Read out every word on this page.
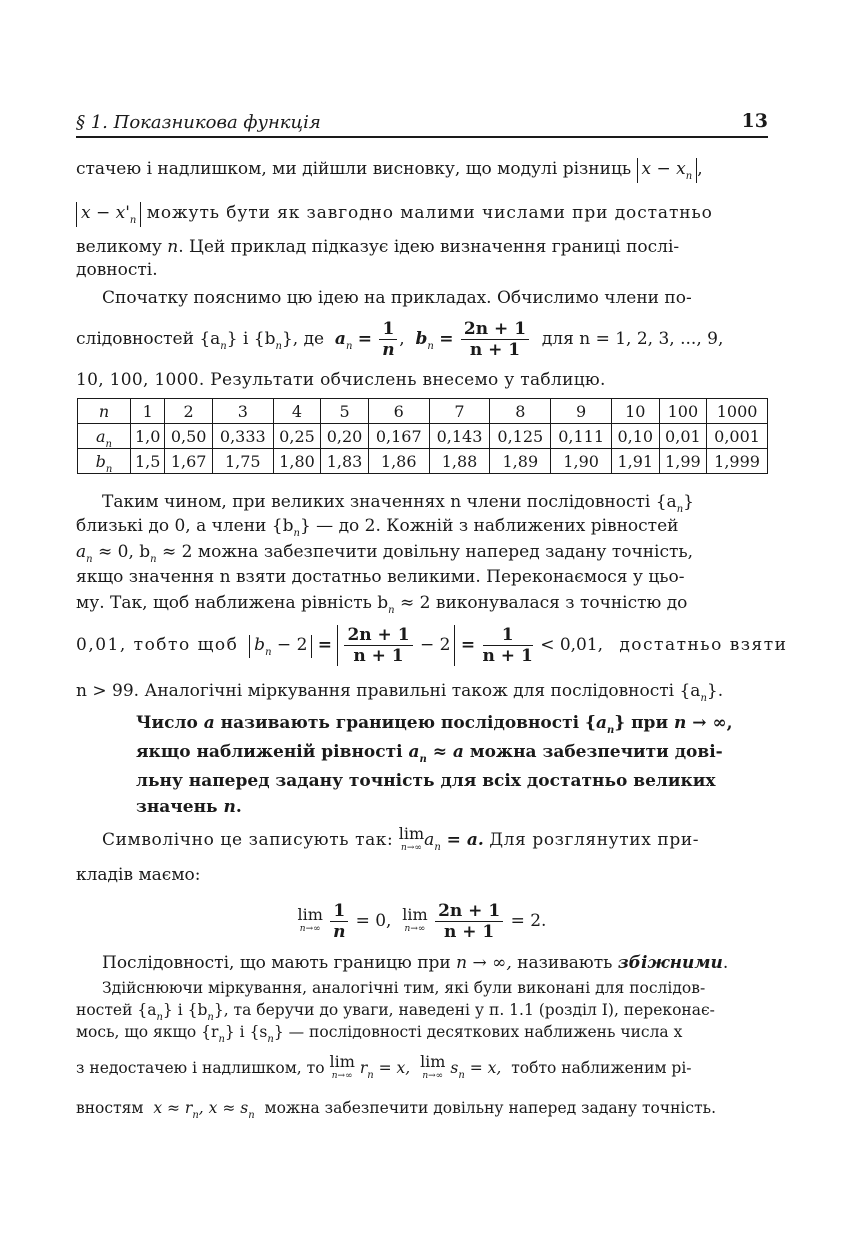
§ 1. Показникова функція	13
стачею і надлишком, ми дійшли висновку, що модулі різниць $x - x_n$ ,
$x - x'_n$ можуть бути як завгодно малими числами при достатньо
великому n. Цей приклад підказує ідею визначення границі послі-
довності.
Спочатку пояснимо цю ідею на прикладах. Обчислимо члени по-
слідовностей $\{a_n\}$ і $\{b_n\}$, де $a_n = \frac{1}{n}$ ,  $b_n = \frac{2n + 1}{n + 1}$ для n = 1, 2, 3, ..., 9,
10, 100, 1000. Результати обчислень внесемо у таблицю.
n	1	2	3	4	5	6	7	8	9	10	100	1000
$a_n$	1,0	0,50	0,333	0,25	0,20	0,167	0,143	0,125	0,111	0,10	0,01	0,001
$b_n$	1,5	1,67	1,75	1,80	1,83	1,86	1,88	1,89	1,90	1,91	1,99	1,999
Таким чином, при великих значеннях n члени послідовності $\{a_n\}$
близькі до 0, а члени $\{b_n\}$ — до 2. Кожній з наближених рівностей
$a_n \approx 0$, $b_n \approx 2$ можна забезпечити довільну наперед задану точність,
якщо значення n взяти достатньо великими. Переконаємося у цьо-
му. Так, щоб наближена рівність $b_n \approx 2$ виконувалася з точністю до
0,01, тобто щоб $b_n - 2 = \frac{2n + 1}{n + 1} - 2 = \frac{1}{n + 1} < 0,01$, достатньо взяти
n > 99. Аналогічні міркування правильні також для послідовності $\{a_n\}$.
Число a називають границею послідовності $\{a_n\}$ при n → ∞,
якщо наближеній рівності $a_n \approx a$ можна забезпечити дові-
льну наперед задану точність для всіх достатньо великих
значень n.
Символічно це записують так: lim
n→∞ $a_n = a$. Для розглянутих при-
кладів маємо:
lim
n→∞
$\frac{1}{n} = 0$, lim
n→∞
$\frac{2n + 1}{n + 1} = 2$.
Послідовності, що мають границю при n → ∞, називають збіжними.
Здійснюючи міркування, аналогічні тим, які були виконані для послідов-
ностей $\{a_n\}$ і $\{b_n\}$, та беручи до уваги, наведені у п. 1.1 (розділ I), переконає-
мось, що якщо $\{r_n\}$ і $\{s_n\}$ — послідовності десяткових наближень числа x
з недостачею і надлишком, то lim
n→∞ $r_n = x$, lim
n→∞ $s_n = x$, тобто наближеним рі-
вностям $x \approx r_n$, $x \approx s_n$ можна забезпечити довільну наперед задану точність.
